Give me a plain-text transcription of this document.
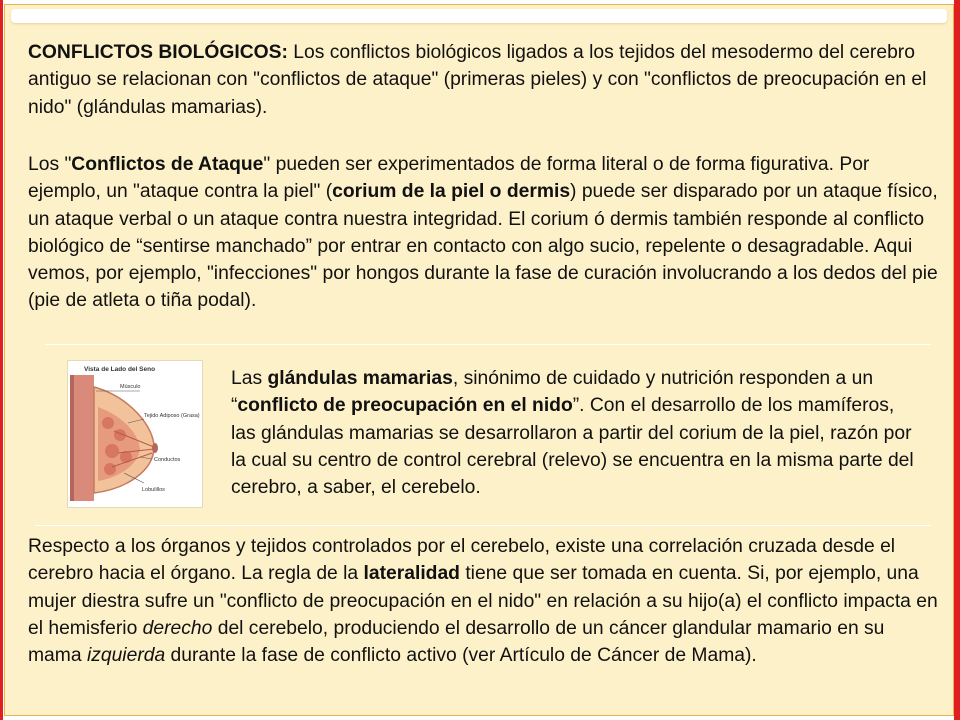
CONFLICTOS BIOLÓGICOS: Los conflictos biológicos ligados a los tejidos del mesodermo del cerebro antiguo se relacionan con "conflictos de ataque" (primeras pieles) y con "conflictos de preocupación en el nido" (glándulas mamarias).

Los "Conflictos de Ataque" pueden ser experimentados de forma literal o de forma figurativa. Por ejemplo, un "ataque contra la piel" (corium de la piel o dermis) puede ser disparado por un ataque físico, un ataque verbal o un ataque contra nuestra integridad. El corium ó dermis también responde al conflicto biológico de “sentirse manchado” por entrar en contacto con algo sucio, repelente o desagradable. Aqui vemos, por ejemplo, "infecciones" por hongos durante la fase de curación involucrando a los dedos del pie (pie de atleta o tiña podal).

Vista de Lado del Seno
Músculo
Tejido Adiposo (Grasa)
Conductos
Lobulillos

Las glándulas mamarias, sinónimo de cuidado y nutrición responden a un “conflicto de preocupación en el nido”. Con el desarrollo de los mamíferos, las glándulas mamarias se desarrollaron a partir del corium de la piel, razón por la cual su centro de control cerebral (relevo) se encuentra en la misma parte del cerebro, a saber, el cerebelo.

Respecto a los órganos y tejidos controlados por el cerebelo, existe una correlación cruzada desde el cerebro hacia el órgano. La regla de la lateralidad tiene que ser tomada en cuenta. Si, por ejemplo, una mujer diestra sufre un "conflicto de preocupación en el nido" en relación a su hijo(a) el conflicto impacta en el hemisferio derecho del cerebelo, produciendo el desarrollo de un cáncer glandular mamario en su mama izquierda durante la fase de conflicto activo (ver Artículo de Cáncer de Mama).
